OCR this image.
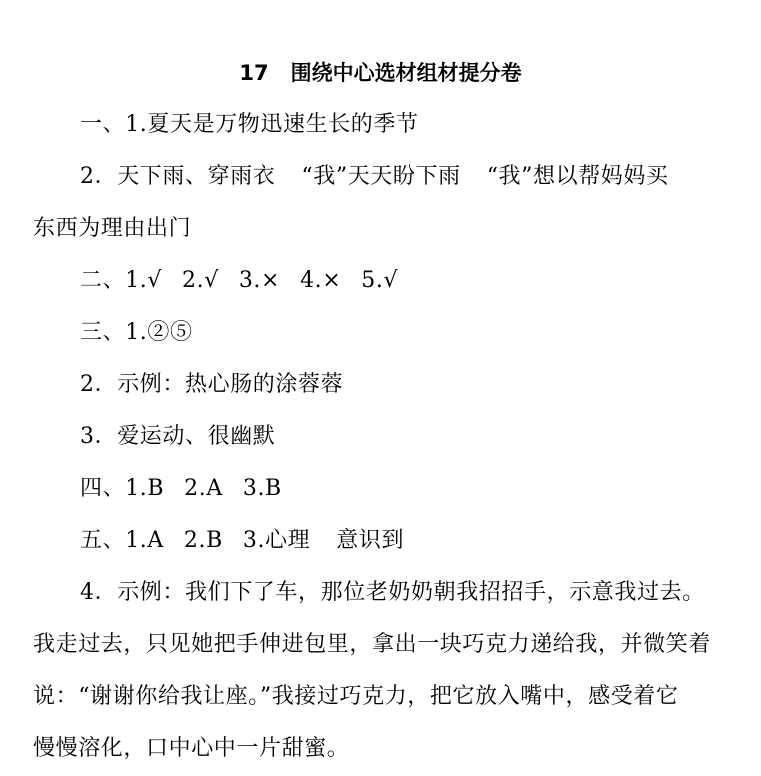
17 围绕中心选材组材提分卷
一、1.夏天是万物迅速生长的季节
2．天下雨、穿雨衣 “我”天天盼下雨 “我”想以帮妈妈买
东西为理由出门
二、1.√ 2.√ 3.× 4.× 5.√
三、1.②⑤
2．示例：热心肠的涂蓉蓉
3．爱运动、很幽默
四、1.B 2.A 3.B
五、1.A 2.B 3.心理 意识到
4．示例：我们下了车，那位老奶奶朝我招招手，示意我过去。
我走过去，只见她把手伸进包里，拿出一块巧克力递给我，并微笑着
说：“谢谢你给我让座。”我接过巧克力，把它放入嘴中，感受着它
慢慢溶化，口中心中一片甜蜜。
